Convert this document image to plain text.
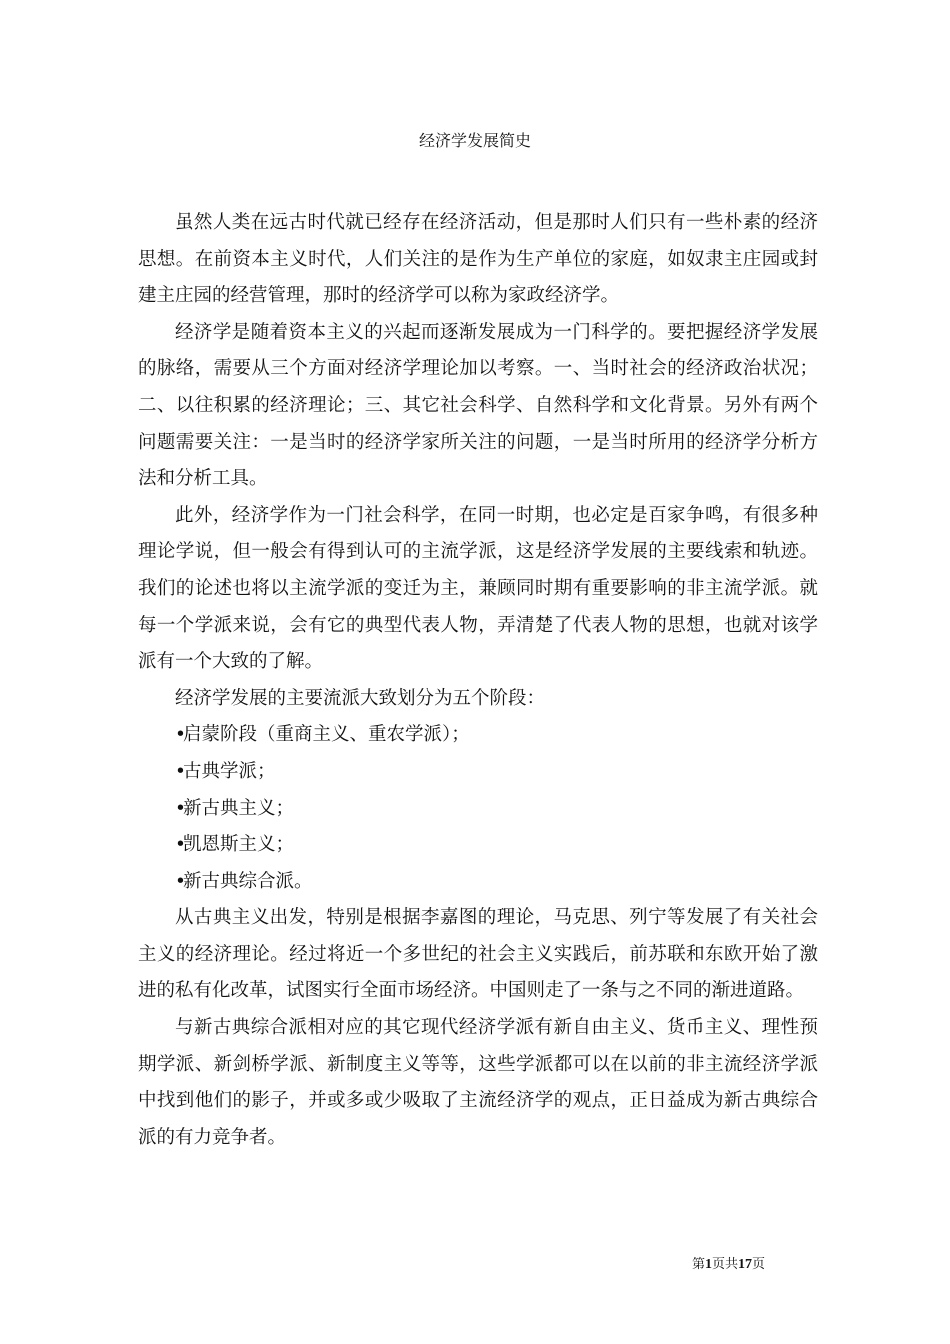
经济学发展简史

虽然人类在远古时代就已经存在经济活动，但是那时人们只有一些朴素的经济思想。在前资本主义时代，人们关注的是作为生产单位的家庭，如奴隶主庄园或封建主庄园的经营管理，那时的经济学可以称为家政经济学。

经济学是随着资本主义的兴起而逐渐发展成为一门科学的。要把握经济学发展的脉络，需要从三个方面对经济学理论加以考察。一、当时社会的经济政治状况；二、以往积累的经济理论；三、其它社会科学、自然科学和文化背景。另外有两个问题需要关注：一是当时的经济学家所关注的问题，一是当时所用的经济学分析方法和分析工具。

此外，经济学作为一门社会科学，在同一时期，也必定是百家争鸣，有很多种理论学说，但一般会有得到认可的主流学派，这是经济学发展的主要线索和轨迹。我们的论述也将以主流学派的变迁为主，兼顾同时期有重要影响的非主流学派。就每一个学派来说，会有它的典型代表人物，弄清楚了代表人物的思想，也就对该学派有一个大致的了解。

经济学发展的主要流派大致划分为五个阶段：

•启蒙阶段（重商主义、重农学派）；
•古典学派；
•新古典主义；
•凯恩斯主义；
•新古典综合派。

从古典主义出发，特别是根据李嘉图的理论，马克思、列宁等发展了有关社会主义的经济理论。经过将近一个多世纪的社会主义实践后，前苏联和东欧开始了激进的私有化改革，试图实行全面市场经济。中国则走了一条与之不同的渐进道路。

与新古典综合派相对应的其它现代经济学派有新自由主义、货币主义、理性预期学派、新剑桥学派、新制度主义等等，这些学派都可以在以前的非主流经济学派中找到他们的影子，并或多或少吸取了主流经济学的观点，正日益成为新古典综合派的有力竞争者。

第1页共17页
